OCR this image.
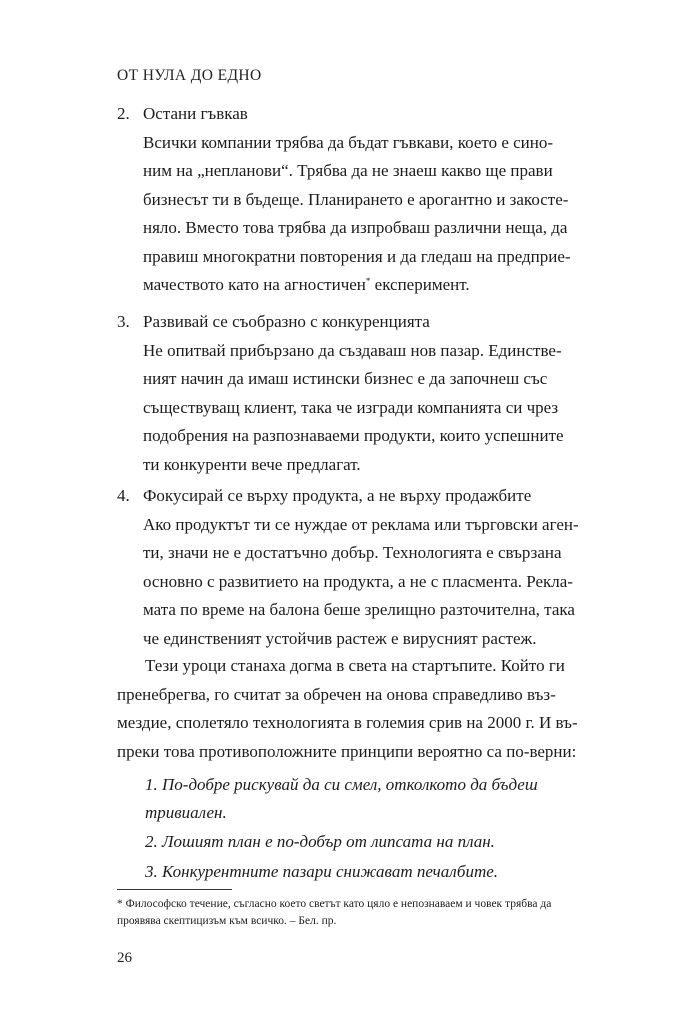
ОТ НУЛА ДО ЕДНО
2. Остани гъвкав
Всички компании трябва да бъдат гъвкави, което е сино-
ним на „непланови“. Трябва да не знаеш какво ще прави
бизнесът ти в бъдеще. Планирането е арогантно и закосте-
няло. Вместо това трябва да изпробваш различни неща, да
правиш многократни повторения и да гледаш на предприе-
мачеството като на агностичен* експеримент.
3. Развивай се съобразно с конкуренцията
Не опитвай прибързано да създаваш нов пазар. Единстве-
ният начин да имаш истински бизнес е да започнеш със
съществуващ клиент, така че изгради компанията си чрез
подобрения на разпознаваеми продукти, които успешните
ти конкуренти вече предлагат.
4. Фокусирай се върху продукта, а не върху продажбите
Ако продуктът ти се нуждае от реклама или търговски аген-
ти, значи не е достатъчно добър. Технологията е свързана
основно с развитието на продукта, а не с пласмента. Рекла-
мата по време на балона беше зрелищно разточителна, така
че единственият устойчив растеж е вирусният растеж.
Тези уроци станаха догма в света на стартъпите. Който ги
пренебрегва, го считат за обречен на онова справедливо въз-
мездие, сполетяло технологията в големия срив на 2000 г. И въ-
преки това противоположните принципи вероятно са по-верни:
1. По-добре рискувай да си смел, отколкото да бъдеш
тривиален.
2. Лошият план е по-добър от липсата на план.
3. Конкурентните пазари снижават печалбите.
* Философско течение, съгласно което светът като цяло е непознаваем и човек трябва да
проявява скептицизъм към всичко. – Бел. пр.
26
